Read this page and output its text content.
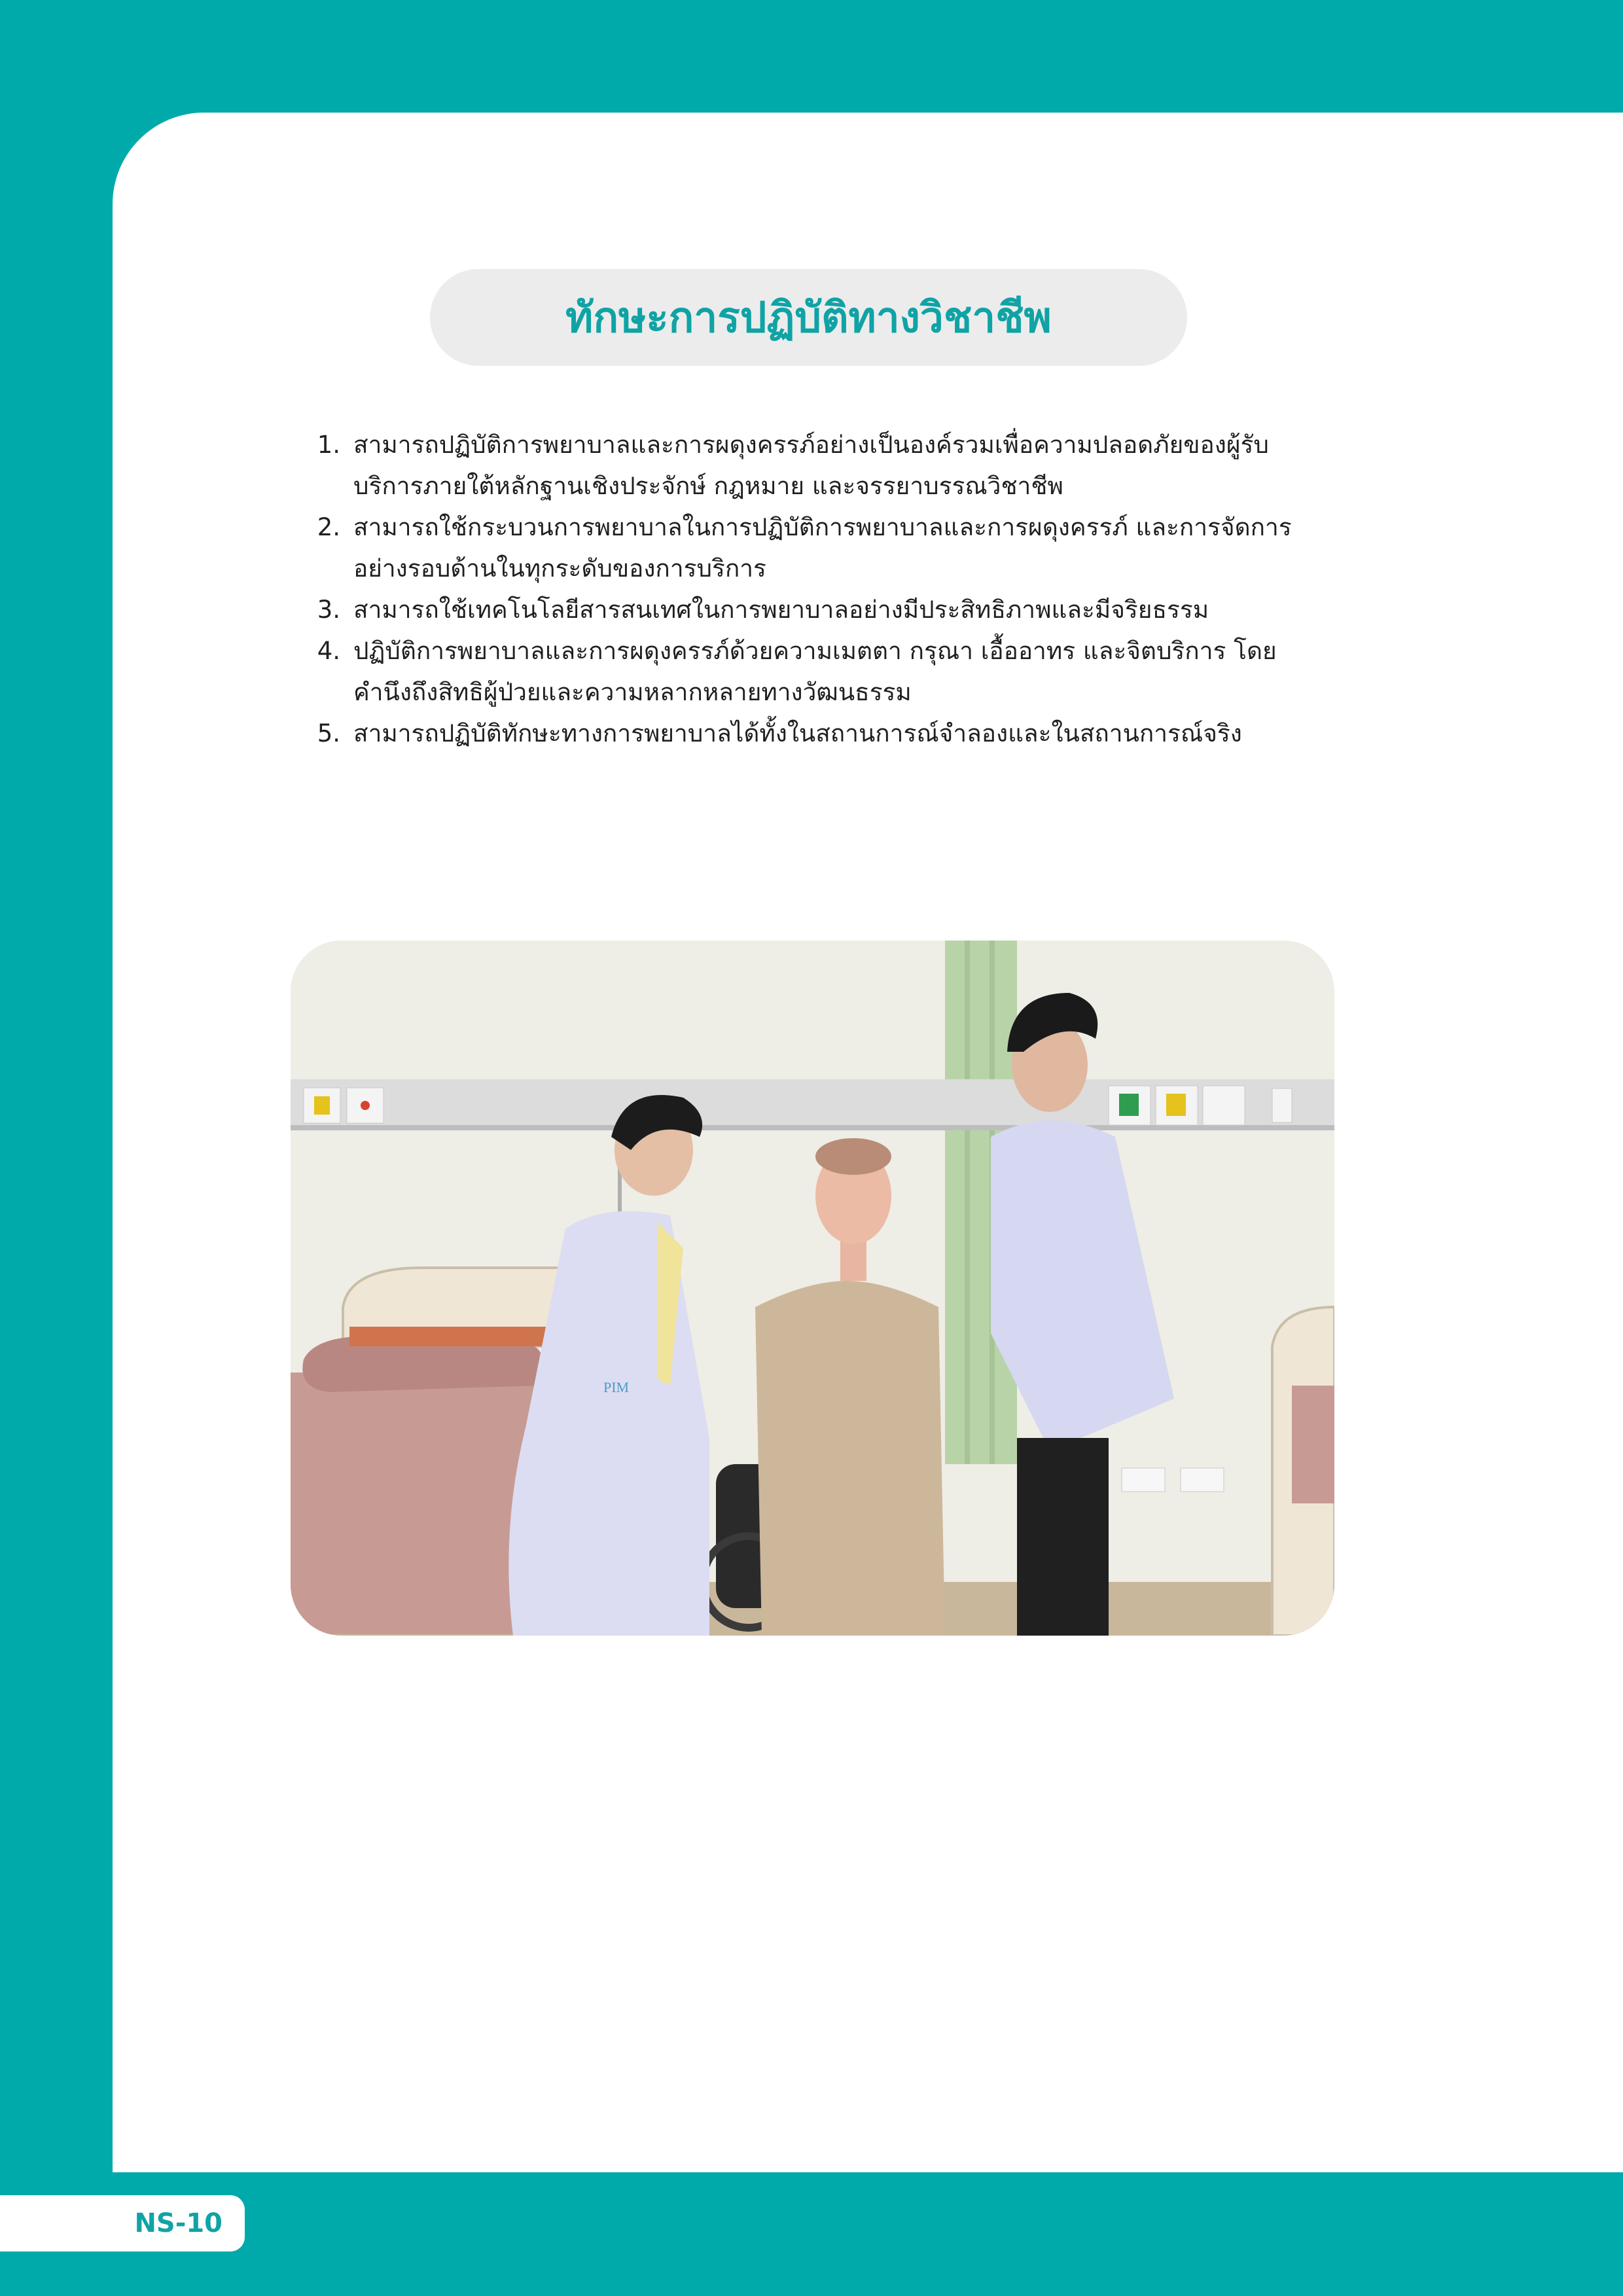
ทักษะการปฏิบัติทางวิชาชีพ
1. สามารถปฏิบัติการพยาบาลและการผดุงครรภ์อย่างเป็นองค์รวมเพื่อความปลอดภัยของผู้รับบริการภายใต้หลักฐานเชิงประจักษ์ กฎหมาย และจรรยาบรรณวิชาชีพ
2. สามารถใช้กระบวนการพยาบาลในการปฏิบัติการพยาบาลและการผดุงครรภ์ และการจัดการอย่างรอบด้านในทุกระดับของการบริการ
3. สามารถใช้เทคโนโลยีสารสนเทศในการพยาบาลอย่างมีประสิทธิภาพและมีจริยธรรม
4. ปฏิบัติการพยาบาลและการผดุงครรภ์ด้วยความเมตตา กรุณา เอื้ออาทร และจิตบริการ โดยคำนึงถึงสิทธิผู้ป่วยและความหลากหลายทางวัฒนธรรม
5. สามารถปฏิบัติทักษะทางการพยาบาลได้ทั้งในสถานการณ์จำลองและในสถานการณ์จริง
PIM
NS-10
